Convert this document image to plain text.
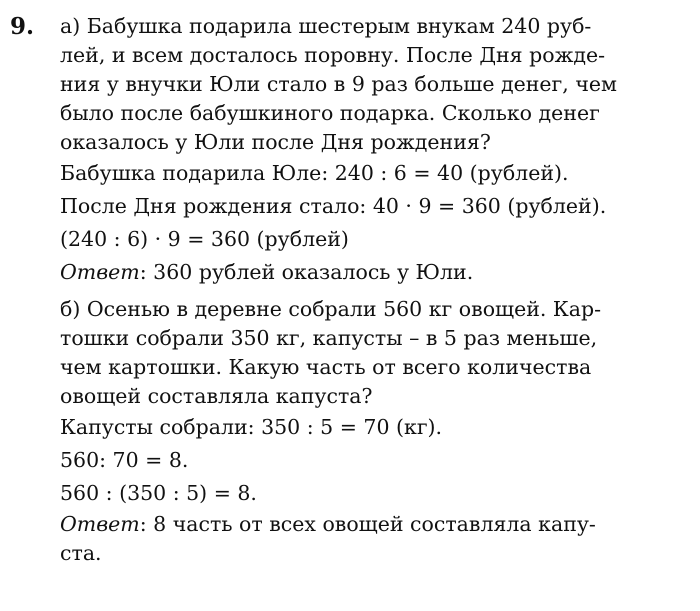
9. а) Бабушка подарила шестерым внукам 240 руб-
лей, и всем досталось поровну. После Дня рожде-
ния у внучки Юли стало в 9 раз больше денег, чем
было после бабушкиного подарка. Сколько денег
оказалось у Юли после Дня рождения?
Бабушка подарила Юле: 240 : 6 = 40 (рублей).
После Дня рождения стало: 40 · 9 = 360 (рублей).
(240 : 6) · 9 = 360 (рублей)
Ответ: 360 рублей оказалось у Юли.
б) Осенью в деревне собрали 560 кг овощей. Кар-
тошки собрали 350 кг, капусты – в 5 раз меньше,
чем картошки. Какую часть от всего количества
овощей составляла капуста?
Капусты собрали: 350 : 5 = 70 (кг).
560: 70 = 8.
560 : (350 : 5) = 8.
Ответ: 8 часть от всех овощей составляла капу-
ста.
